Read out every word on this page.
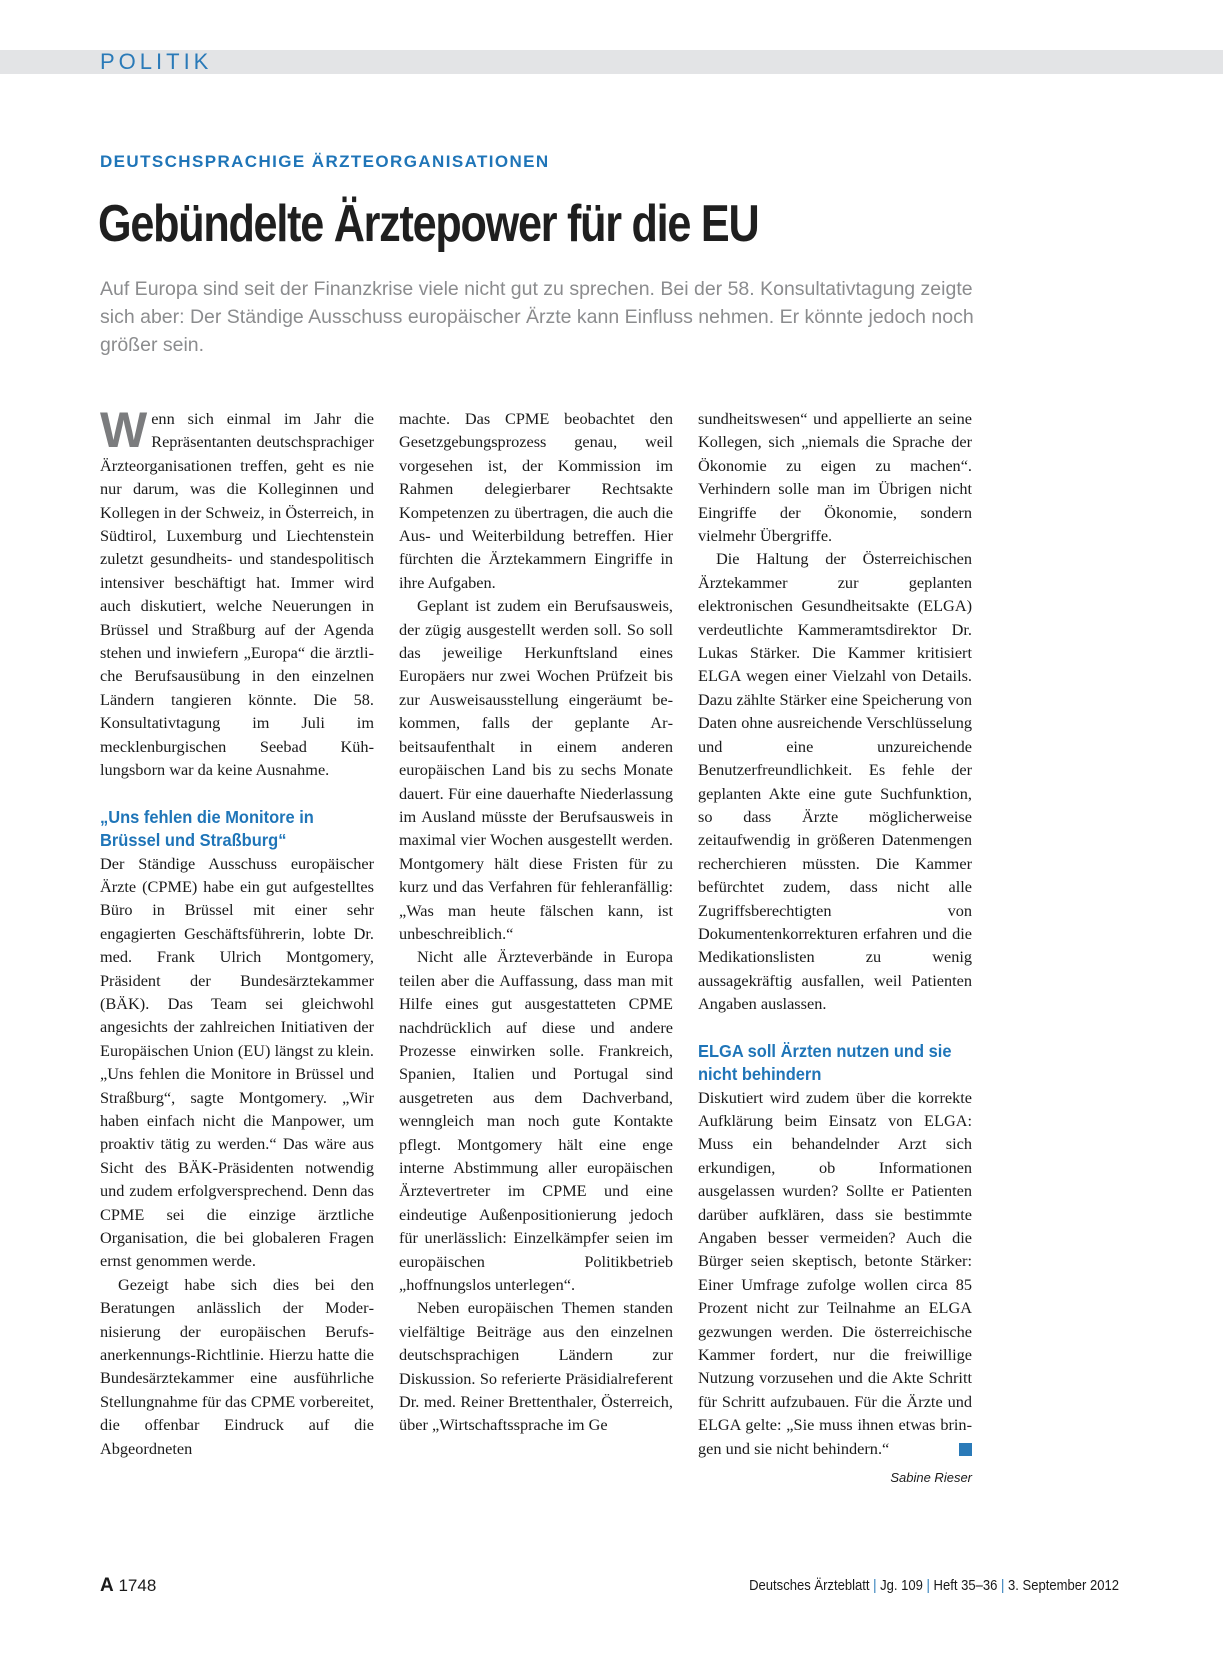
POLITIK
DEUTSCHSPRACHIGE ÄRZTEORGANISATIONEN
Gebündelte Ärztepower für die EU

Auf Europa sind seit der Finanzkrise viele nicht gut zu sprechen. Bei der 58. Konsultativtagung zeigte sich aber: Der Ständige Ausschuss europäischer Ärzte kann Einfluss nehmen. Er könnte jedoch noch größer sein.

Wenn sich einmal im Jahr die Repräsentanten deutschsprachiger Ärzteorganisationen treffen, geht es nie nur darum, was die Kolleginnen und Kollegen in der Schweiz, in Österreich, in Südtirol, Luxemburg und Liechtenstein zuletzt gesundheits- und standespolitisch intensiver beschäftigt hat. Immer wird auch diskutiert, welche Neuerungen in Brüssel und Straßburg auf der Agenda stehen und inwiefern „Europa“ die ärztliche Berufsausübung in den einzelnen Ländern tangieren könnte. Die 58. Konsultativtagung im Juli im mecklenburgischen Seebad Kühlungsborn war da keine Ausnahme.

„Uns fehlen die Monitore in Brüssel und Straßburg“

Der Ständige Ausschuss europäischer Ärzte (CPME) habe ein gut aufgestelltes Büro in Brüssel mit einer sehr engagierten Geschäftsführerin, lobte Dr. med. Frank Ulrich Montgomery, Präsident der Bundesärztekammer (BÄK). Das Team sei gleichwohl angesichts der zahlreichen Initiativen der Europäischen Union (EU) längst zu klein. „Uns fehlen die Monitore in Brüssel und Straßburg“, sagte Montgomery. „Wir haben einfach nicht die Manpower, um proaktiv tätig zu werden.“ Das wäre aus Sicht des BÄK-Präsidenten notwendig und zudem erfolgversprechend. Denn das CPME sei die einzige ärztliche Organisation, die bei globaleren Fragen ernst genommen werde.

Gezeigt habe sich dies bei den Beratungen anlässlich der Modernisierung der europäischen Berufsanerkennungs-Richtlinie. Hierzu hatte die Bundesärztekammer eine ausführliche Stellungnahme für das CPME vorbereitet, die offenbar Eindruck auf die Abgeordneten

machte. Das CPME beobachtet den Gesetzgebungsprozess genau, weil vorgesehen ist, der Kommission im Rahmen delegierbarer Rechtsakte Kompetenzen zu übertragen, die auch die Aus- und Weiterbildung betreffen. Hier fürchten die Ärztekammern Eingriffe in ihre Aufgaben.

Geplant ist zudem ein Berufsausweis, der zügig ausgestellt werden soll. So soll das jeweilige Herkunftsland eines Europäers nur zwei Wochen Prüfzeit bis zur Ausweisausstellung eingeräumt bekommen, falls der geplante Arbeitsaufenthalt in einem anderen europäischen Land bis zu sechs Monate dauert. Für eine dauerhafte Niederlassung im Ausland müsste der Berufsausweis in maximal vier Wochen ausgestellt werden. Montgomery hält diese Fristen für zu kurz und das Verfahren für fehleranfällig: „Was man heute fälschen kann, ist unbeschreiblich.“

Nicht alle Ärzteverbände in Europa teilen aber die Auffassung, dass man mit Hilfe eines gut ausgestatteten CPME nachdrücklich auf diese und andere Prozesse einwirken solle. Frankreich, Spanien, Italien und Portugal sind ausgetreten aus dem Dachverband, wenngleich man noch gute Kontakte pflegt. Montgomery hält eine enge interne Abstimmung aller europäischen Ärztevertreter im CPME und eine eindeutige Außenpositionierung jedoch für unerlässlich: Einzelkämpfer seien im europäischen Politikbetrieb „hoffnungslos unterlegen“.

Neben europäischen Themen standen vielfältige Beiträge aus den einzelnen deutschsprachigen Ländern zur Diskussion. So referierte Präsidialreferent Dr. med. Reiner Brettenthaler, Österreich, über „Wirtschaftssprache im Ge

sundheitswesen“ und appellierte an seine Kollegen, sich „niemals die Sprache der Ökonomie zu eigen zu machen“. Verhindern solle man im Übrigen nicht Eingriffe der Ökonomie, sondern vielmehr Übergriffe.

Die Haltung der Österreichischen Ärztekammer zur geplanten elektronischen Gesundheitsakte (ELGA) verdeutlichte Kammeramtsdirektor Dr. Lukas Stärker. Die Kammer kritisiert ELGA wegen einer Vielzahl von Details. Dazu zählte Stärker eine Speicherung von Daten ohne ausreichende Verschlüsselung und eine unzureichende Benutzerfreundlichkeit. Es fehle der geplanten Akte eine gute Suchfunktion, so dass Ärzte möglicherweise zeitaufwendig in größeren Datenmengen recherchieren müssten. Die Kammer befürchtet zudem, dass nicht alle Zugriffsberechtigten von Dokumentenkorrekturen erfahren und die Medikationslisten zu wenig aussagekräftig ausfallen, weil Patienten Angaben auslassen.

ELGA soll Ärzten nutzen und sie nicht behindern

Diskutiert wird zudem über die korrekte Aufklärung beim Einsatz von ELGA: Muss ein behandelnder Arzt sich erkundigen, ob Informationen ausgelassen wurden? Sollte er Patienten darüber aufklären, dass sie bestimmte Angaben besser vermeiden? Auch die Bürger seien skeptisch, betonte Stärker: Einer Umfrage zufolge wollen circa 85 Prozent nicht zur Teilnahme an ELGA gezwungen werden. Die österreichische Kammer fordert, nur die freiwillige Nutzung vorzusehen und die Akte Schritt für Schritt aufzubauen. Für die Ärzte und ELGA gelte: „Sie muss ihnen etwas bringen und sie nicht behindern.“

Sabine Rieser
A 1748	Deutsches Ärzteblatt | Jg. 109 | Heft 35–36 | 3. September 2012
